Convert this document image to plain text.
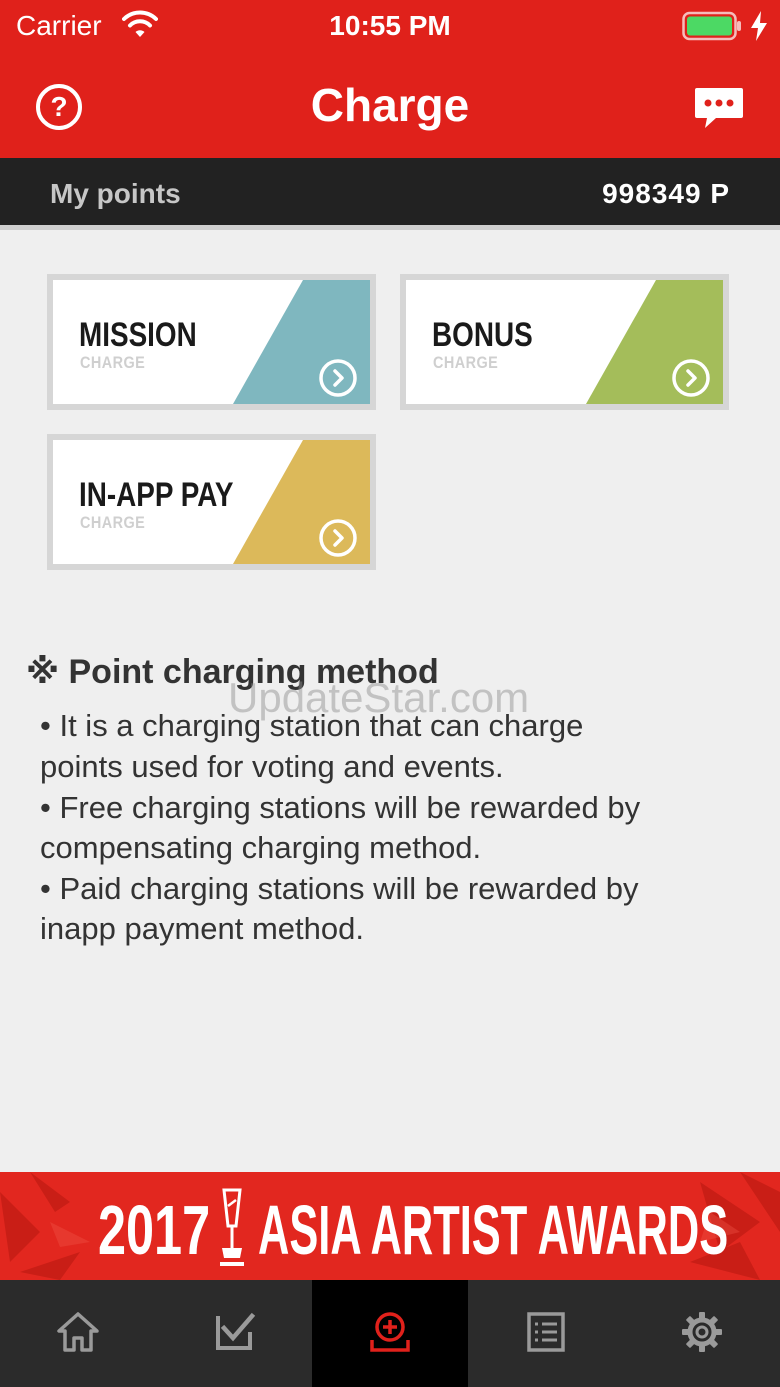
Carrier	10:55 PM
?	Charge
My points	998349 P
MISSION
CHARGE
BONUS
CHARGE
IN-APP PAY
CHARGE
※ Point charging method
• It is a charging station that can charge
points used for voting and events.
• Free charging stations will be rewarded by
compensating charging method.
• Paid charging stations will be rewarded by
inapp payment method.
UpdateStar.com
2017 ASIA ARTIST AWARDS
